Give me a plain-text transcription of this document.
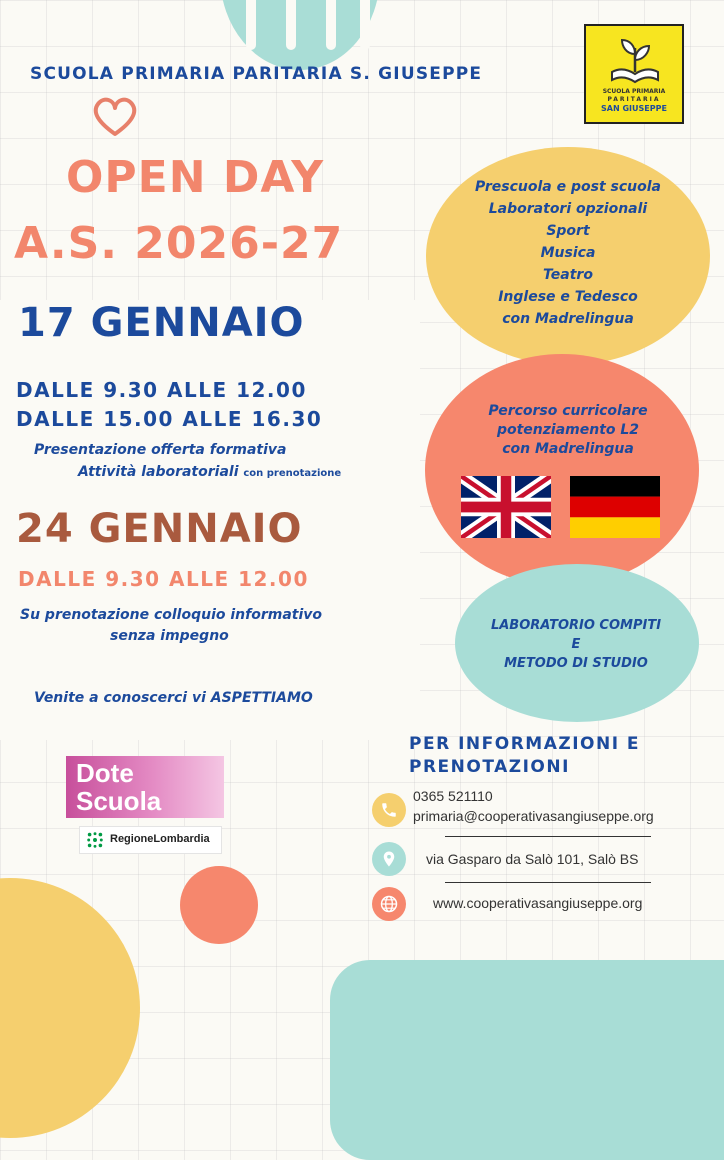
SCUOLA PRIMARIA PARITARIA S. GIUSEPPE
SCUOLA PRIMARIA
PARITARIA
SAN GIUSEPPE
OPEN DAY
A.S. 2026-27
17 GENNAIO
DALLE 9.30 ALLE 12.00
DALLE 15.00 ALLE 16.30
Presentazione offerta formativa
Attività laboratoriali con prenotazione
24 GENNAIO
DALLE 9.30 ALLE 12.00
Su prenotazione colloquio informativo
senza impegno
Venite a conoscerci vi ASPETTIAMO
Prescuola e post scuola
Laboratori opzionali
Sport
Musica
Teatro
Inglese e Tedesco
con Madrelingua
Percorso curricolare
potenziamento L2
con Madrelingua
LABORATORIO COMPITI
E
METODO DI STUDIO
PER INFORMAZIONI E
PRENOTAZIONI
0365 521110
primaria@cooperativasangiuseppe.org
via Gasparo da Salò 101, Salò BS
www.cooperativasangiuseppe.org
Dote
Scuola
RegioneLombardia
